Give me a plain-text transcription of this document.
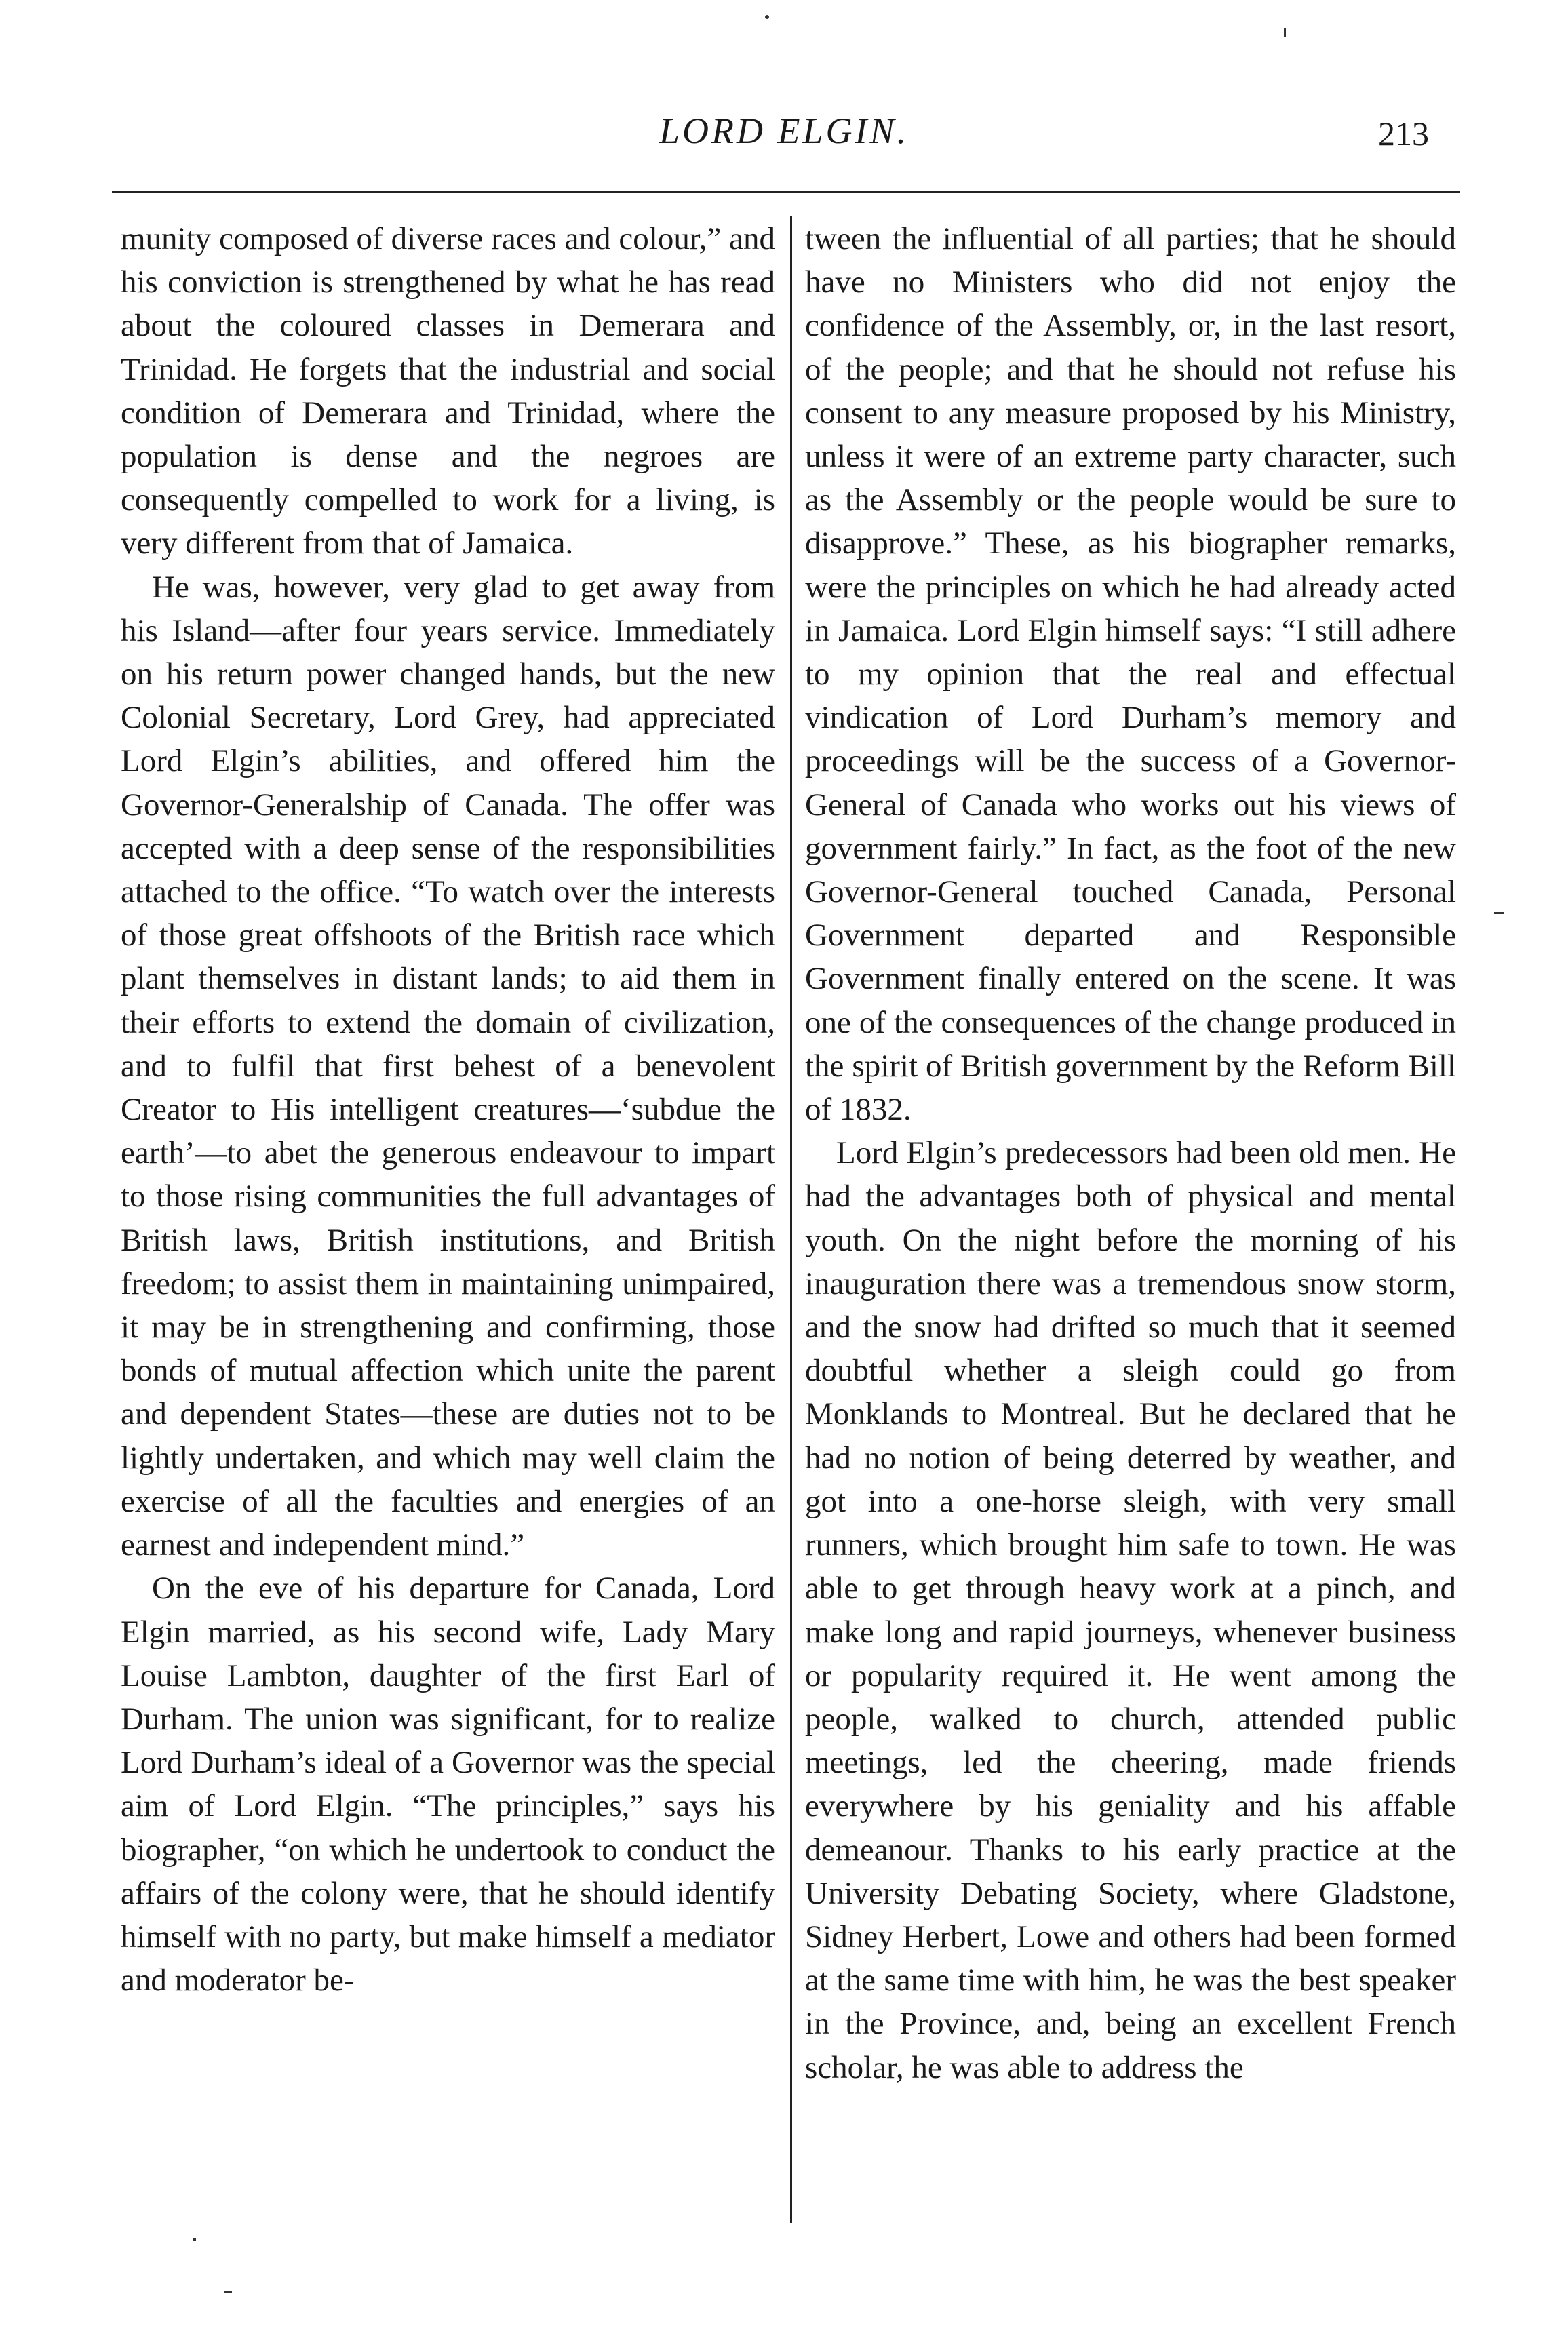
LORD ELGIN.	213

munity composed of diverse races and colour,” and his conviction is strengthened by what he has read about the coloured classes in Demerara and Trinidad. He forgets that the industrial and social condition of Demerara and Trinidad, where the population is dense and the negroes are consequently compelled to work for a living, is very different from that of Jamaica.

He was, however, very glad to get away from his Island—after four years service. Immediately on his return power changed hands, but the new Colonial Secretary, Lord Grey, had appreciated Lord Elgin’s abilities, and offered him the Governor-Generalship of Canada. The offer was accepted with a deep sense of the responsibilities attached to the office. “To watch over the interests of those great offshoots of the British race which plant themselves in distant lands; to aid them in their efforts to extend the domain of civilization, and to fulfil that first behest of a benevolent Creator to His intelligent creatures—‘subdue the earth’—to abet the generous endeavour to impart to those rising communities the full advantages of British laws, British institutions, and British freedom; to assist them in maintaining unimpaired, it may be in strengthening and confirming, those bonds of mutual affection which unite the parent and dependent States—these are duties not to be lightly undertaken, and which may well claim the exercise of all the faculties and energies of an earnest and independent mind.”

On the eve of his departure for Canada, Lord Elgin married, as his second wife, Lady Mary Louise Lambton, daughter of the first Earl of Durham. The union was significant, for to realize Lord Durham’s ideal of a Governor was the special aim of Lord Elgin. “The principles,” says his biographer, “on which he undertook to conduct the affairs of the colony were, that he should identify himself with no party, but make himself a mediator and moderator be-

tween the influential of all parties; that he should have no Ministers who did not enjoy the confidence of the Assembly, or, in the last resort, of the people; and that he should not refuse his consent to any measure proposed by his Ministry, unless it were of an extreme party character, such as the Assembly or the people would be sure to disapprove.” These, as his biographer remarks, were the principles on which he had already acted in Jamaica. Lord Elgin himself says: “I still adhere to my opinion that the real and effectual vindication of Lord Durham’s memory and proceedings will be the success of a Governor-General of Canada who works out his views of government fairly.” In fact, as the foot of the new Governor-General touched Canada, Personal Government departed and Responsible Government finally entered on the scene. It was one of the consequences of the change produced in the spirit of British government by the Reform Bill of 1832.

Lord Elgin’s predecessors had been old men. He had the advantages both of physical and mental youth. On the night before the morning of his inauguration there was a tremendous snow storm, and the snow had drifted so much that it seemed doubtful whether a sleigh could go from Monklands to Montreal. But he declared that he had no notion of being deterred by weather, and got into a one-horse sleigh, with very small runners, which brought him safe to town. He was able to get through heavy work at a pinch, and make long and rapid journeys, whenever business or popularity required it. He went among the people, walked to church, attended public meetings, led the cheering, made friends everywhere by his geniality and his affable demeanour. Thanks to his early practice at the University Debating Society, where Gladstone, Sidney Herbert, Lowe and others had been formed at the same time with him, he was the best speaker in the Province, and, being an excellent French scholar, he was able to address the
